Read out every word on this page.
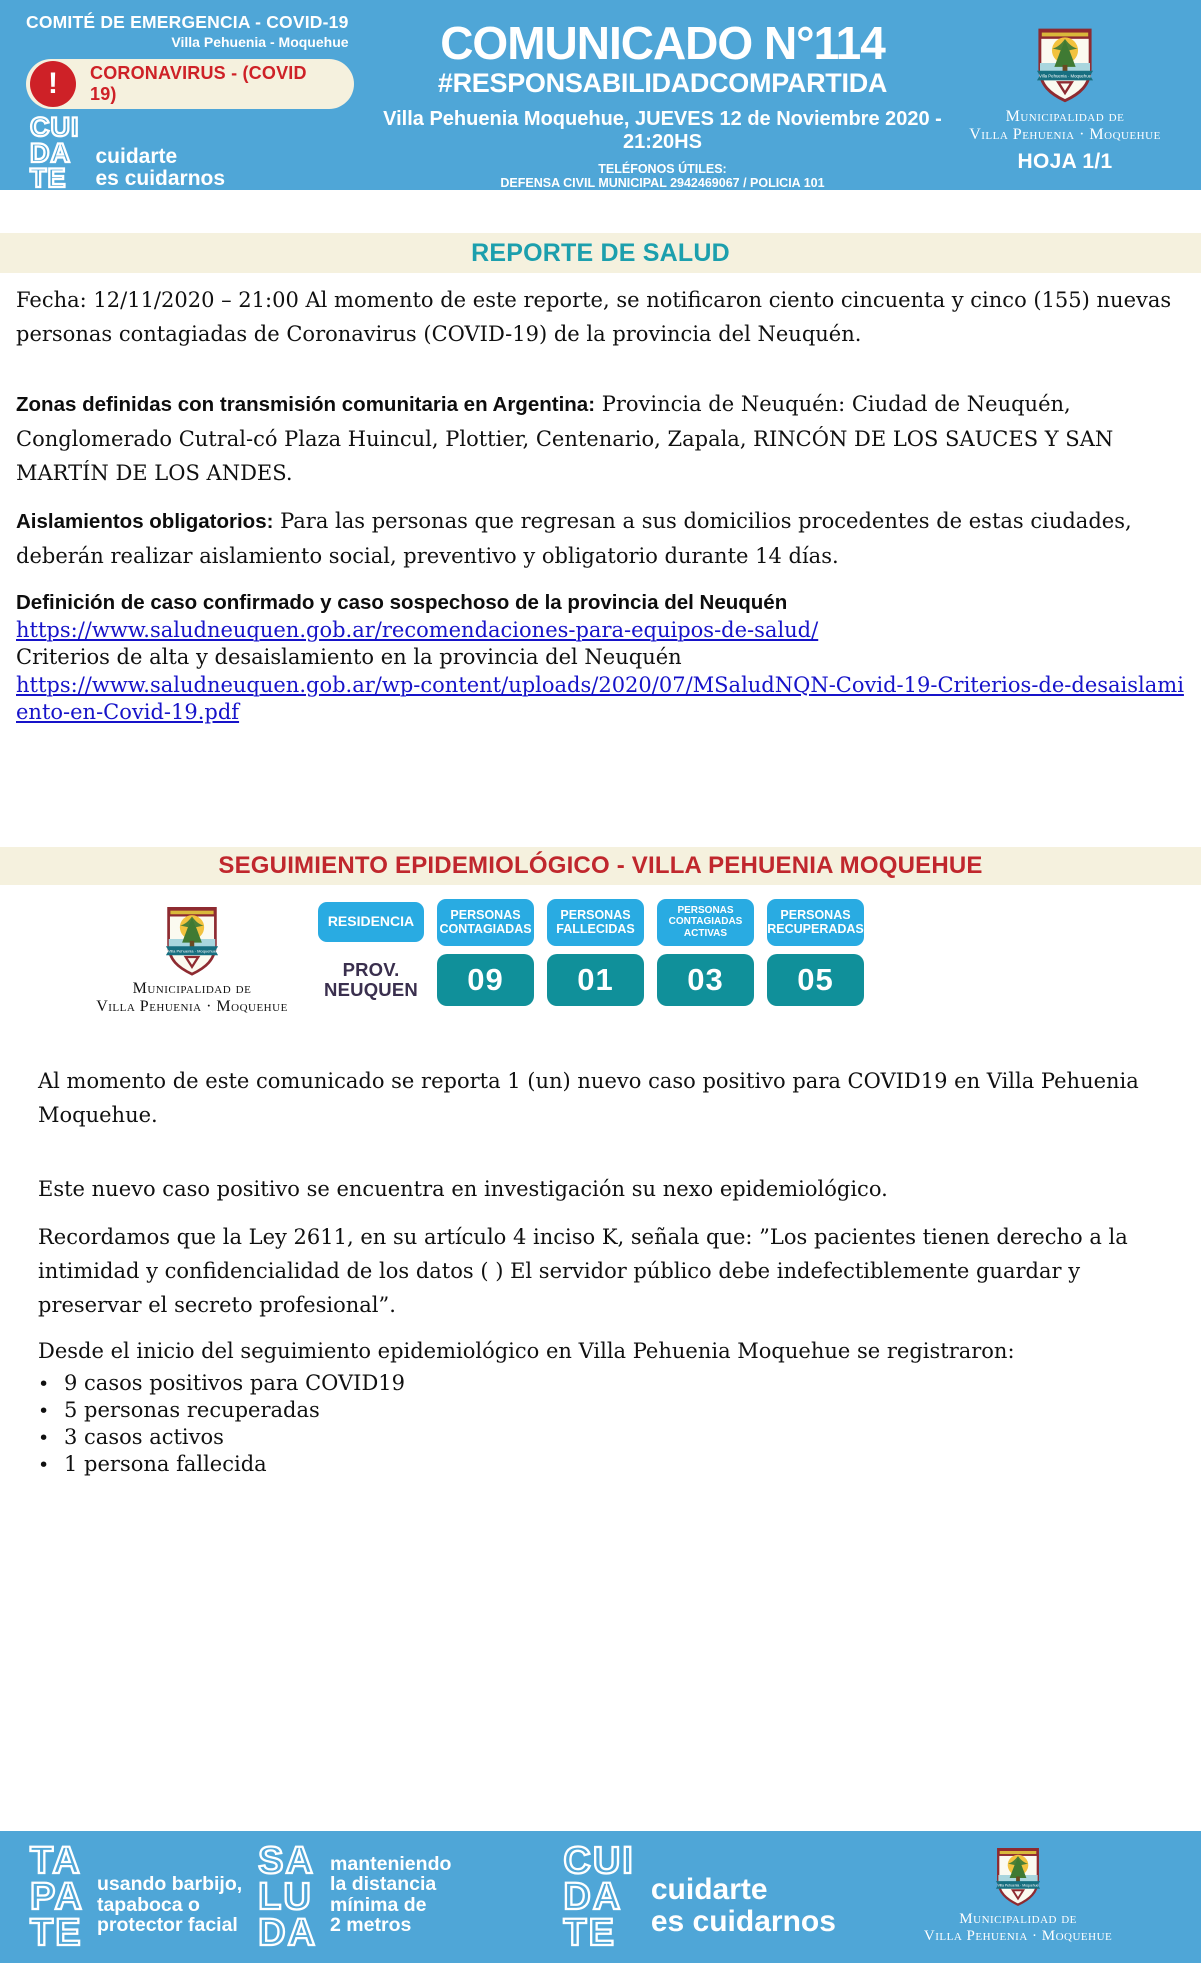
COMITÉ DE EMERGENCIA - COVID-19
Villa Pehuenia - Moquehue
!	CORONAVIRUS - (COVID 19)
CUI
DA
TE
cuidarte
es cuidarnos
COMUNICADO N°114
#RESPONSABILIDADCOMPARTIDA
Villa Pehuenia Moquehue, JUEVES 12 de Noviembre 2020 - 21:20HS
TELÉFONOS ÚTILES:
DEFENSA CIVIL MUNICIPAL 2942469067 / POLICIA 101
CENTRO DE SALUD: 107 (movistar) y 498091 (claro) / BOMBEROS VOLUNTARIOS 2942564109
Municipalidad de
Villa Pehuenia · Moquehue
HOJA 1/1
REPORTE DE SALUD

Fecha: 12/11/2020 – 21:00 Al momento de este reporte, se notificaron ciento cincuenta y cinco (155) nuevas personas contagiadas de Coronavirus (COVID-19) de la provincia del Neuquén.

Zonas definidas con transmisión comunitaria en Argentina: Provincia de Neuquén: Ciudad de Neuquén, Conglomerado Cutral-có Plaza Huincul, Plottier, Centenario, Zapala, RINCÓN DE LOS SAUCES Y SAN MARTÍN DE LOS ANDES.

Aislamientos obligatorios: Para las personas que regresan a sus domicilios procedentes de estas ciudades, deberán realizar aislamiento social, preventivo y obligatorio durante 14 días.

Definición de caso confirmado y caso sospechoso de la provincia del Neuquén
https://www.saludneuquen.gob.ar/recomendaciones-para-equipos-de-salud/
Criterios de alta y desaislamiento en la provincia del Neuquén
https://www.saludneuquen.gob.ar/wp-content/uploads/2020/07/MSaludNQN-Covid-19-Criterios-de-desaislamiento-en-Covid-19.pdf
SEGUIMIENTO EPIDEMIOLÓGICO - VILLA PEHUENIA MOQUEHUE
Municipalidad de
Villa Pehuenia · Moquehue
RESIDENCIA
PROV.
NEUQUEN
PERSONAS CONTAGIADAS
09
PERSONAS FALLECIDAS
01
PERSONAS CONTAGIADAS ACTIVAS
03
PERSONAS RECUPERADAS
05

Al momento de este comunicado se reporta 1 (un) nuevo caso positivo para COVID19 en Villa Pehuenia Moquehue.

Este nuevo caso positivo se encuentra en investigación su nexo epidemiológico.

Recordamos que la Ley 2611, en su artículo 4 inciso K, señala que: ”Los pacientes tienen derecho a la intimidad y confidencialidad de los datos ( ) El servidor público debe indefectiblemente guardar y preservar el secreto profesional”.

Desde el inicio del seguimiento epidemiológico en Villa Pehuenia Moquehue se registraron:

• 9 casos positivos para COVID19
• 5 personas recuperadas
• 3 casos activos
• 1 persona fallecida
TA
PA
TE
usando barbijo,
tapaboca o
protector facial
SA
LU
DA
manteniendo
la distancia
mínima de
2 metros
CUI
DA
TE
cuidarte
es cuidarnos	Municipalidad de
Villa Pehuenia · Moquehue
